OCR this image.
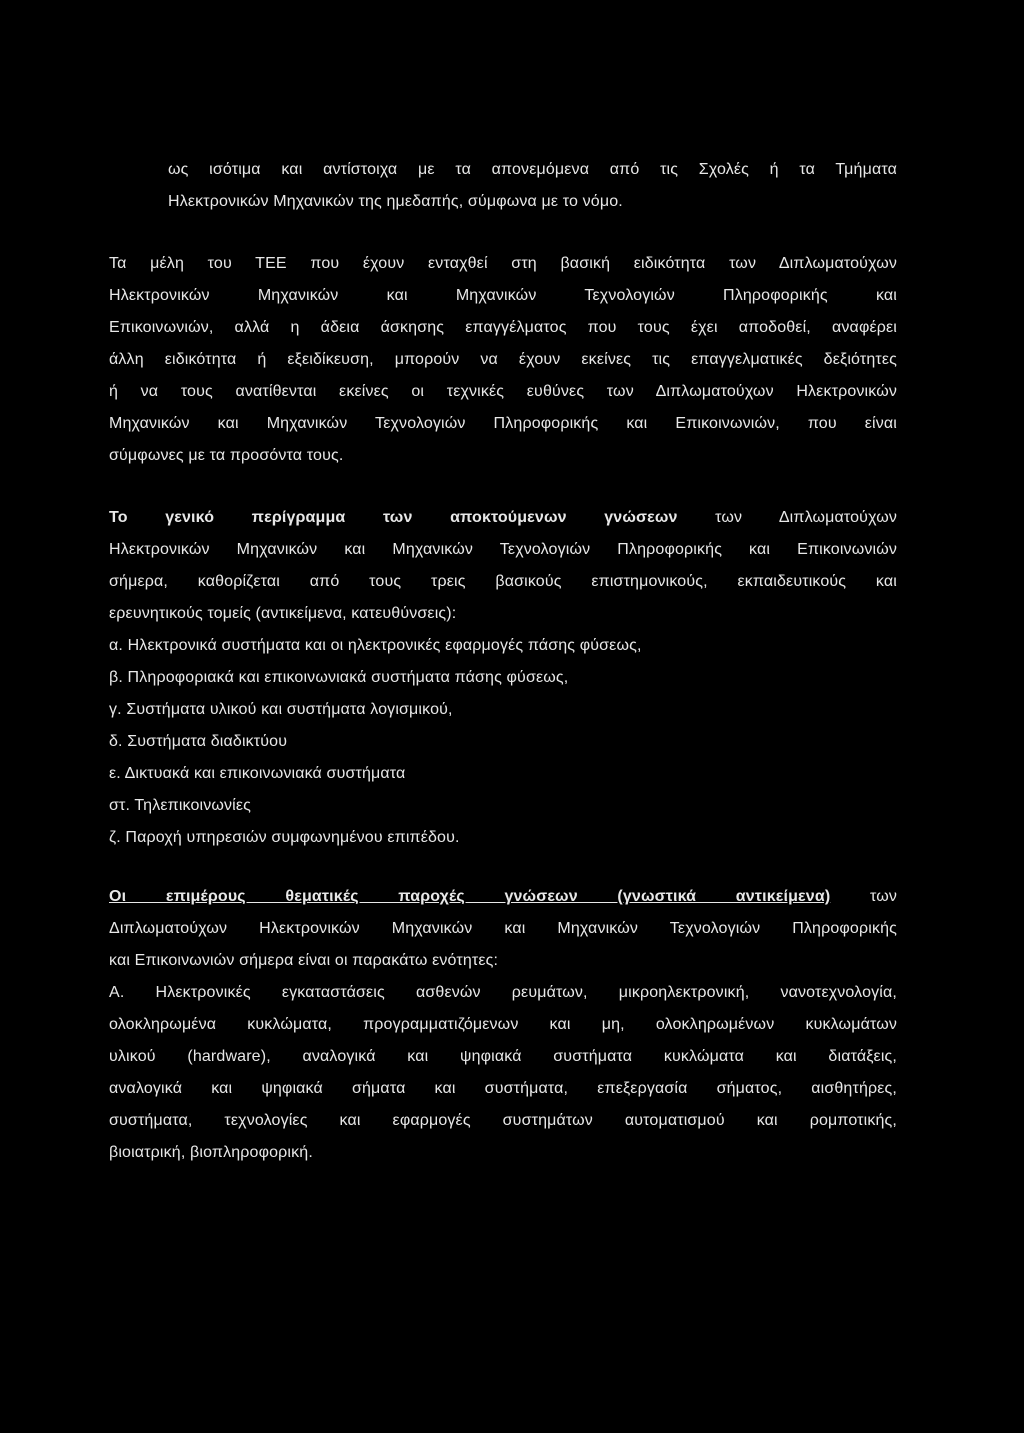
ως ισότιμα και αντίστοιχα με τα απονεμόμενα από τις Σχολές ή τα Τμήματα
Ηλεκτρονικών Μηχανικών της ημεδαπής, σύμφωνα με το νόμο.
Τα μέλη του ΤΕΕ που έχουν ενταχθεί στη βασική ειδικότητα των Διπλωματούχων
Ηλεκτρονικών Μηχανικών και Μηχανικών Τεχνολογιών Πληροφορικής και
Επικοινωνιών, αλλά η άδεια άσκησης επαγγέλματος που τους έχει αποδοθεί, αναφέρει
άλλη ειδικότητα ή εξειδίκευση, μπορούν να έχουν εκείνες τις επαγγελματικές δεξιότητες
ή να τους ανατίθενται εκείνες οι τεχνικές ευθύνες των Διπλωματούχων Ηλεκτρονικών
Μηχανικών και Μηχανικών Τεχνολογιών Πληροφορικής και Επικοινωνιών, που είναι
σύμφωνες με τα προσόντα τους.
Το γενικό περίγραμμα των αποκτούμενων γνώσεων των Διπλωματούχων
Ηλεκτρονικών Μηχανικών και Μηχανικών Τεχνολογιών Πληροφορικής και Επικοινωνιών
σήμερα, καθορίζεται από τους τρεις βασικούς επιστημονικούς, εκπαιδευτικούς και
ερευνητικούς τομείς (αντικείμενα, κατευθύνσεις):
α. Ηλεκτρονικά συστήματα και οι ηλεκτρονικές εφαρμογές πάσης φύσεως,
β. Πληροφοριακά και επικοινωνιακά συστήματα πάσης φύσεως,
γ. Συστήματα υλικού και συστήματα λογισμικού,
δ. Συστήματα διαδικτύου
ε. Δικτυακά και επικοινωνιακά συστήματα
στ. Τηλεπικοινωνίες
ζ. Παροχή υπηρεσιών συμφωνημένου επιπέδου.
Οι επιμέρους θεματικές παροχές γνώσεων (γνωστικά αντικείμενα) των
Διπλωματούχων Ηλεκτρονικών Μηχανικών και Μηχανικών Τεχνολογιών Πληροφορικής
και Επικοινωνιών σήμερα είναι οι παρακάτω ενότητες:
Α. Ηλεκτρονικές εγκαταστάσεις ασθενών ρευμάτων, μικροηλεκτρονική, νανοτεχνολογία,
ολοκληρωμένα κυκλώματα, προγραμματιζόμενων και μη, ολοκληρωμένων κυκλωμάτων
υλικού (hardware), αναλογικά και ψηφιακά συστήματα κυκλώματα και διατάξεις,
αναλογικά και ψηφιακά σήματα και συστήματα, επεξεργασία σήματος, αισθητήρες,
συστήματα, τεχνολογίες και εφαρμογές συστημάτων αυτοματισμού και ρομποτικής,
βιοιατρική, βιοπληροφορική.
